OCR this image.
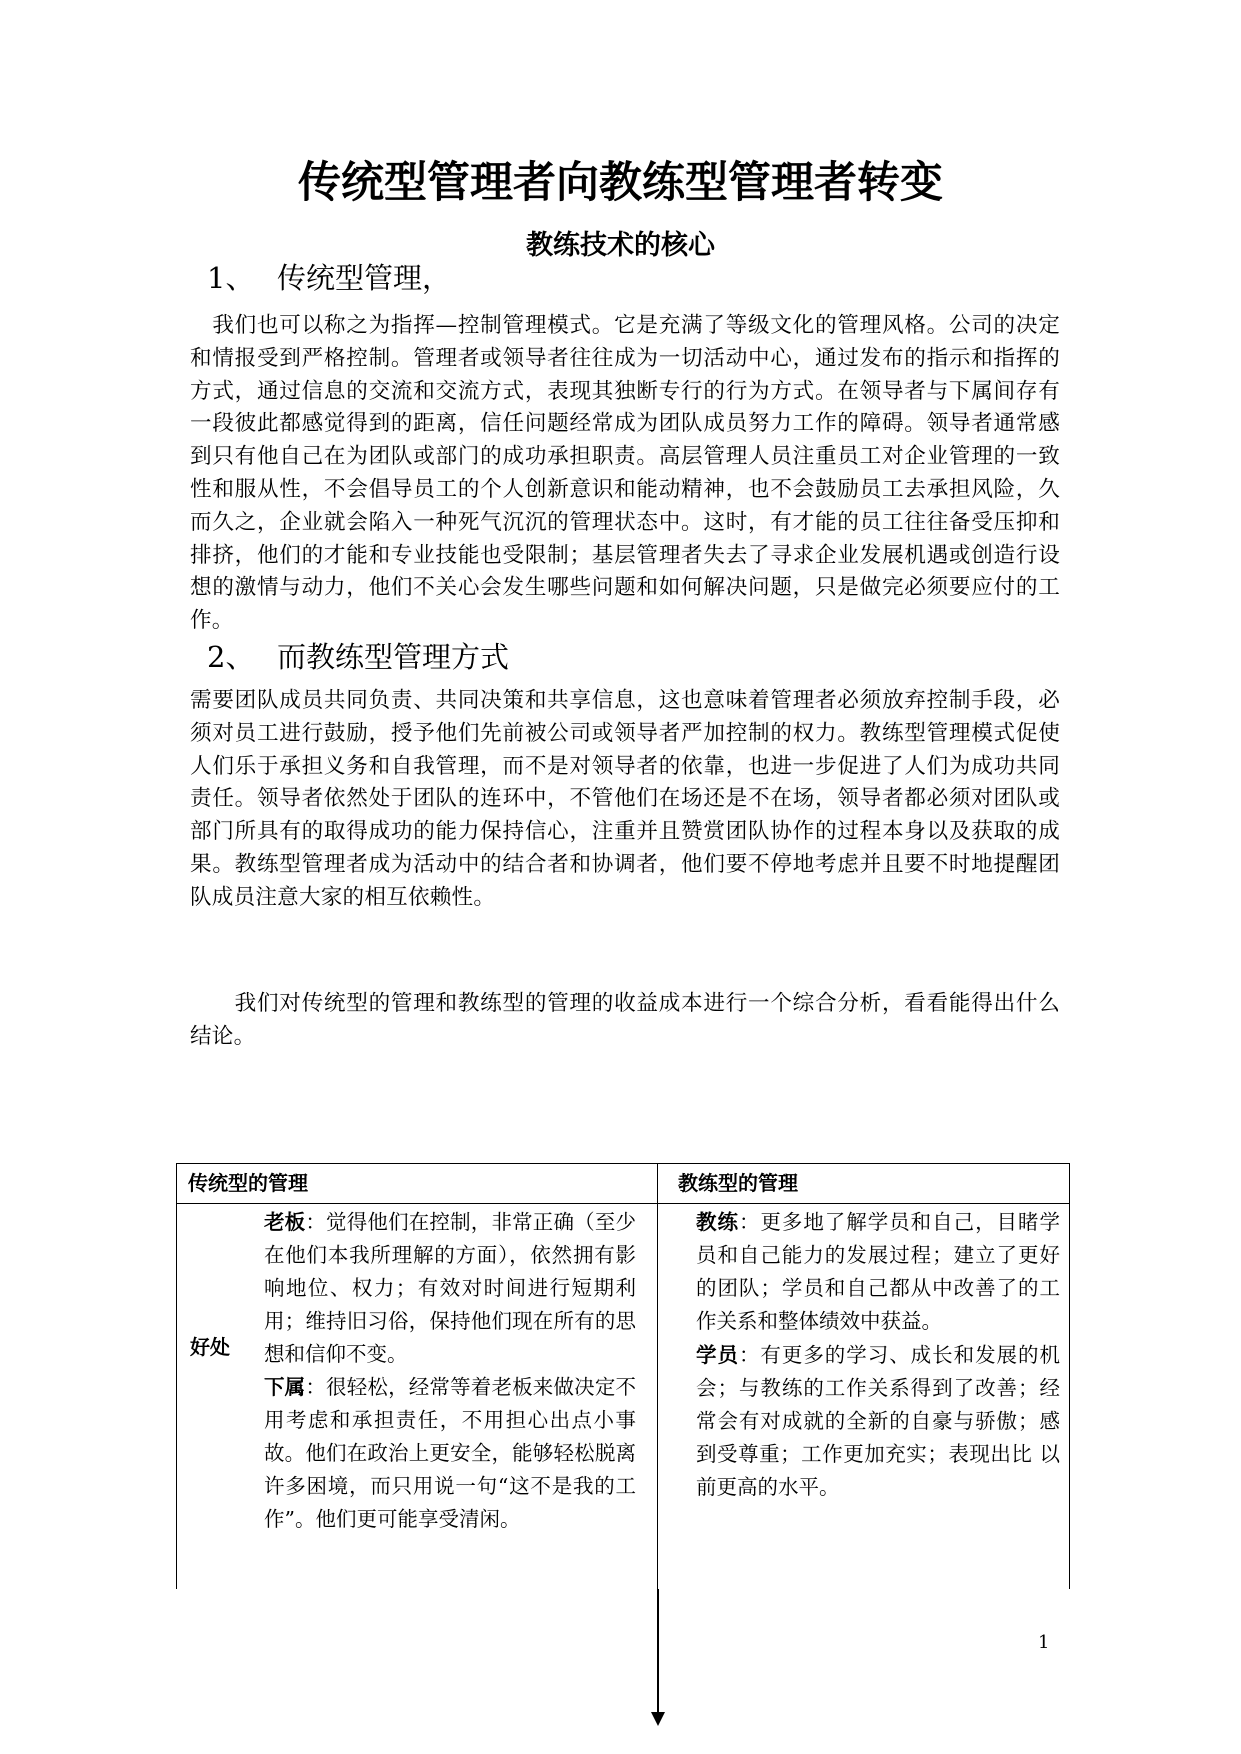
传统型管理者向教练型管理者转变
教练技术的核心
1、 传统型管理，

　我们也可以称之为指挥—控制管理模式。它是充满了等级文化的管理风格。公司的决定和情报受到严格控制。管理者或领导者往往成为一切活动中心，通过发布的指示和指挥的方式，通过信息的交流和交流方式，表现其独断专行的行为方式。在领导者与下属间存有一段彼此都感觉得到的距离，信任问题经常成为团队成员努力工作的障碍。领导者通常感到只有他自己在为团队或部门的成功承担职责。高层管理人员注重员工对企业管理的一致性和服从性，不会倡导员工的个人创新意识和能动精神，也不会鼓励员工去承担风险，久而久之，企业就会陷入一种死气沉沉的管理状态中。这时，有才能的员工往往备受压抑和排挤，他们的才能和专业技能也受限制；基层管理者失去了寻求企业发展机遇或创造行设想的激情与动力，他们不关心会发生哪些问题和如何解决问题，只是做完必须要应付的工作。

2、 而教练型管理方式

需要团队成员共同负责、共同决策和共享信息，这也意味着管理者必须放弃控制手段，必须对员工进行鼓励，授予他们先前被公司或领导者严加控制的权力。教练型管理模式促使人们乐于承担义务和自我管理，而不是对领导者的依靠，也进一步促进了人们为成功共同责任。领导者依然处于团队的连环中，不管他们在场还是不在场，领导者都必须对团队或部门所具有的取得成功的能力保持信心，注重并且赞赏团队协作的过程本身以及获取的成果。教练型管理者成为活动中的结合者和协调者，他们要不停地考虑并且要不时地提醒团队成员注意大家的相互依赖性。

　　我们对传统型的管理和教练型的管理的收益成本进行一个综合分析，看看能得出什么结论。

传统型的管理	教练型的管理
好处
老板：觉得他们在控制，非常正确（至少在他们本我所理解的方面），依然拥有影响地位、权力；有效对时间进行短期利用；维持旧习俗，保持他们现在所有的思想和信仰不变。
下属：很轻松，经常等着老板来做决定不用考虑和承担责任，不用担心出点小事故。他们在政治上更安全，能够轻松脱离许多困境，而只用说一句“这不是我的工作”。他们更可能享受清闲。
教练：更多地了解学员和自己，目睹学员和自己能力的发展过程；建立了更好的团队；学员和自己都从中改善了的工作关系和整体绩效中获益。
学员：有更多的学习、成长和发展的机会；与教练的工作关系得到了改善；经常会有对成就的全新的自豪与骄傲；感到受尊重；工作更加充实；表现出比 以前更高的水平。
1
